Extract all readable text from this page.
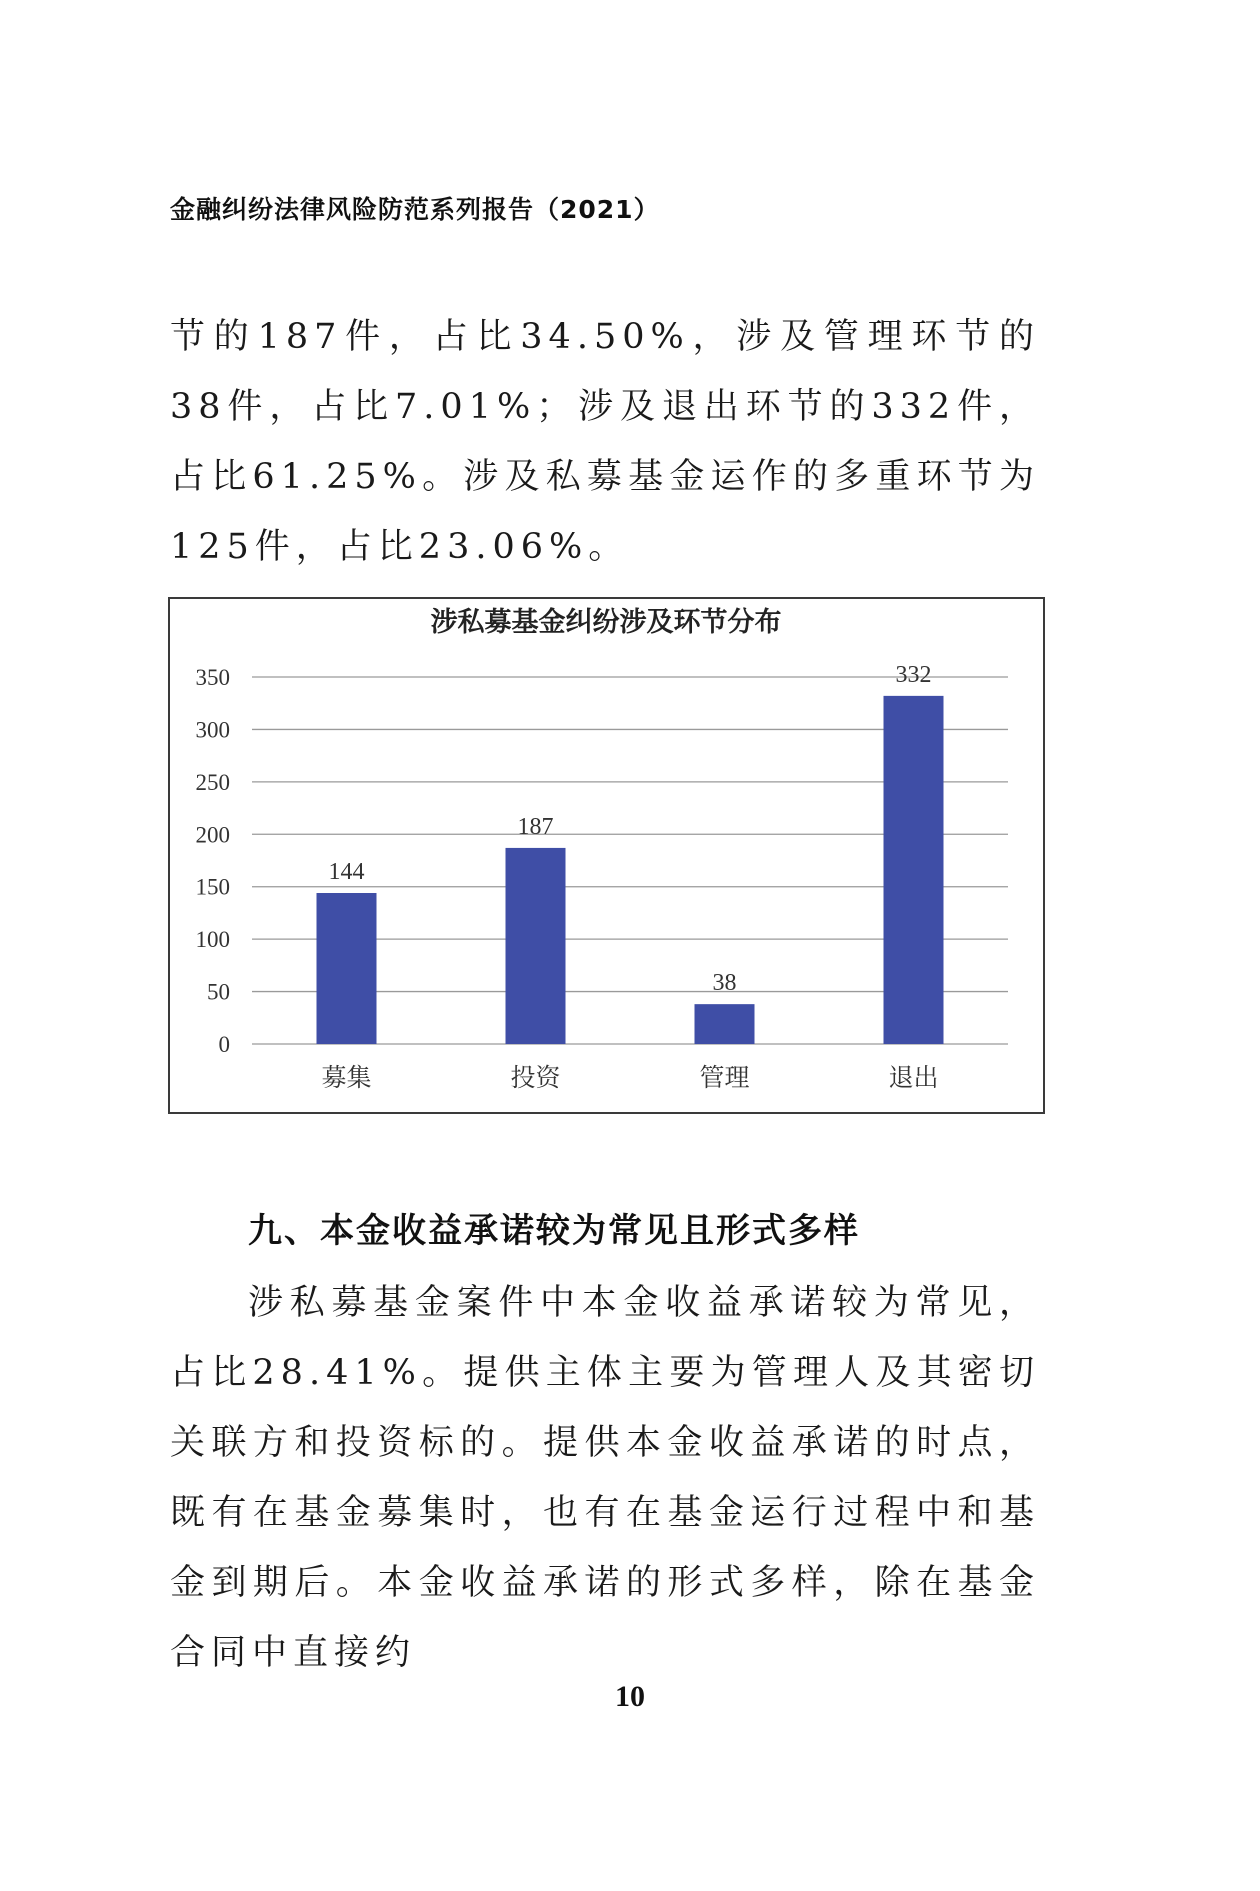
金融纠纷法律风险防范系列报告（2021）

节的187件，占比34.50%，涉及管理环节的38件，占比7.01%；涉及退出环节的332件，占比61.25%。涉及私募基金运作的多重环节为125件，占比23.06%。

涉私募基金纠纷涉及环节分布
0
50
100
150
200
250
300
350
144
187
38
332
募集	投资	管理	退出
九、本金收益承诺较为常见且形式多样

涉私募基金案件中本金收益承诺较为常见，占比28.41%。提供主体主要为管理人及其密切关联方和投资标的。提供本金收益承诺的时点，既有在基金募集时，也有在基金运行过程中和基金到期后。本金收益承诺的形式多样，除在基金合同中直接约

10
